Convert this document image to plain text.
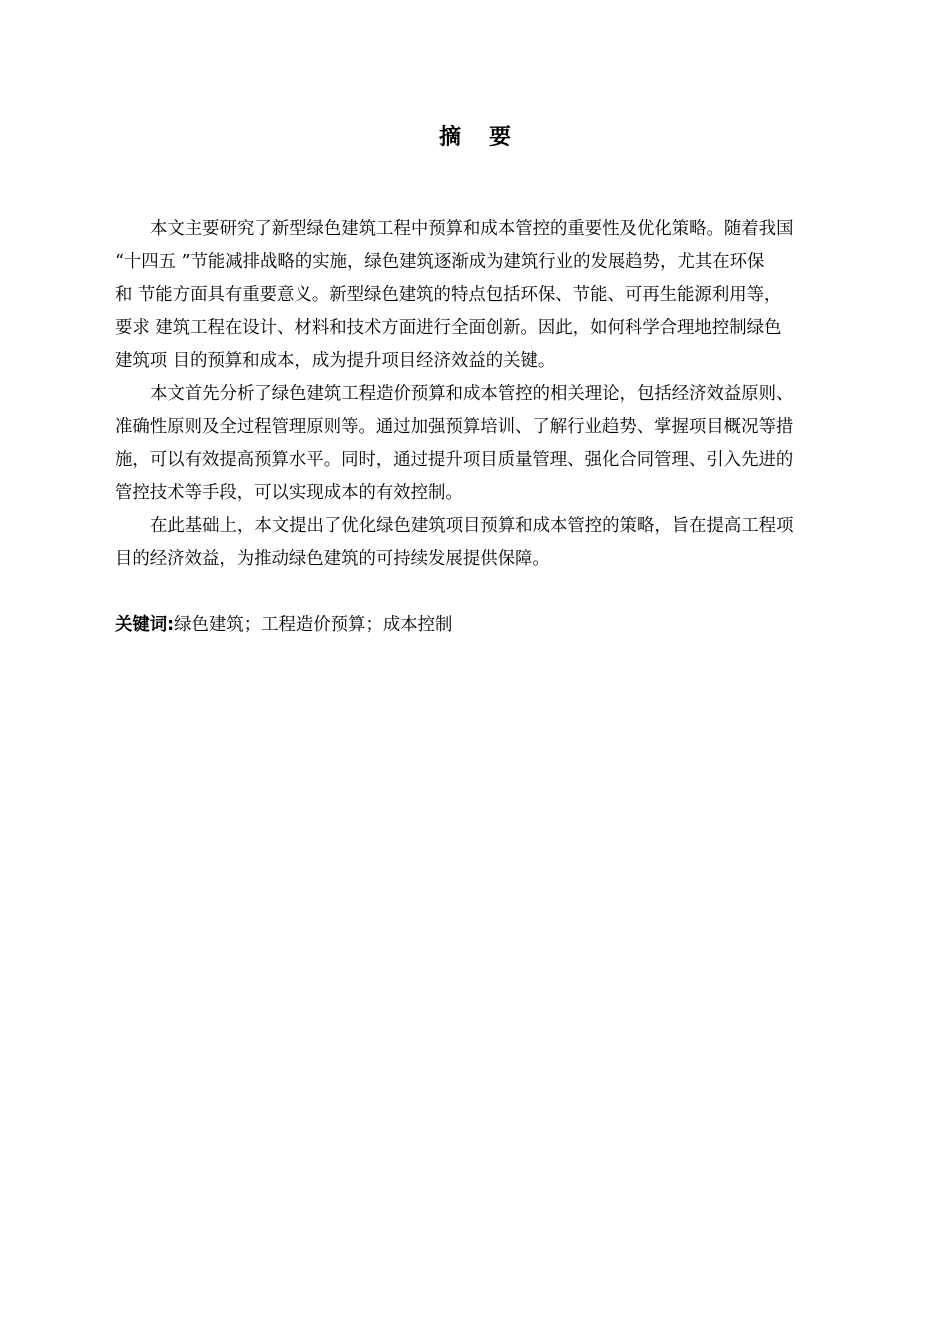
摘 要
本文主要研究了新型绿色建筑工程中预算和成本管控的重要性及优化策略。随着我国
“十四五 ”节能减排战略的实施，绿色建筑逐渐成为建筑行业的发展趋势，尤其在环保
和 节能方面具有重要意义。新型绿色建筑的特点包括环保、节能、可再生能源利用等，
要求 建筑工程在设计、材料和技术方面进行全面创新。因此，如何科学合理地控制绿色
建筑项 目的预算和成本，成为提升项目经济效益的关键。
本文首先分析了绿色建筑工程造价预算和成本管控的相关理论，包括经济效益原则、
准确性原则及全过程管理原则等。通过加强预算培训、了解行业趋势、掌握项目概况等措
施，可以有效提高预算水平。同时，通过提升项目质量管理、强化合同管理、引入先进的
管控技术等手段，可以实现成本的有效控制。
在此基础上，本文提出了优化绿色建筑项目预算和成本管控的策略，旨在提高工程项
目的经济效益，为推动绿色建筑的可持续发展提供保障。
关键词:绿色建筑；工程造价预算；成本控制
